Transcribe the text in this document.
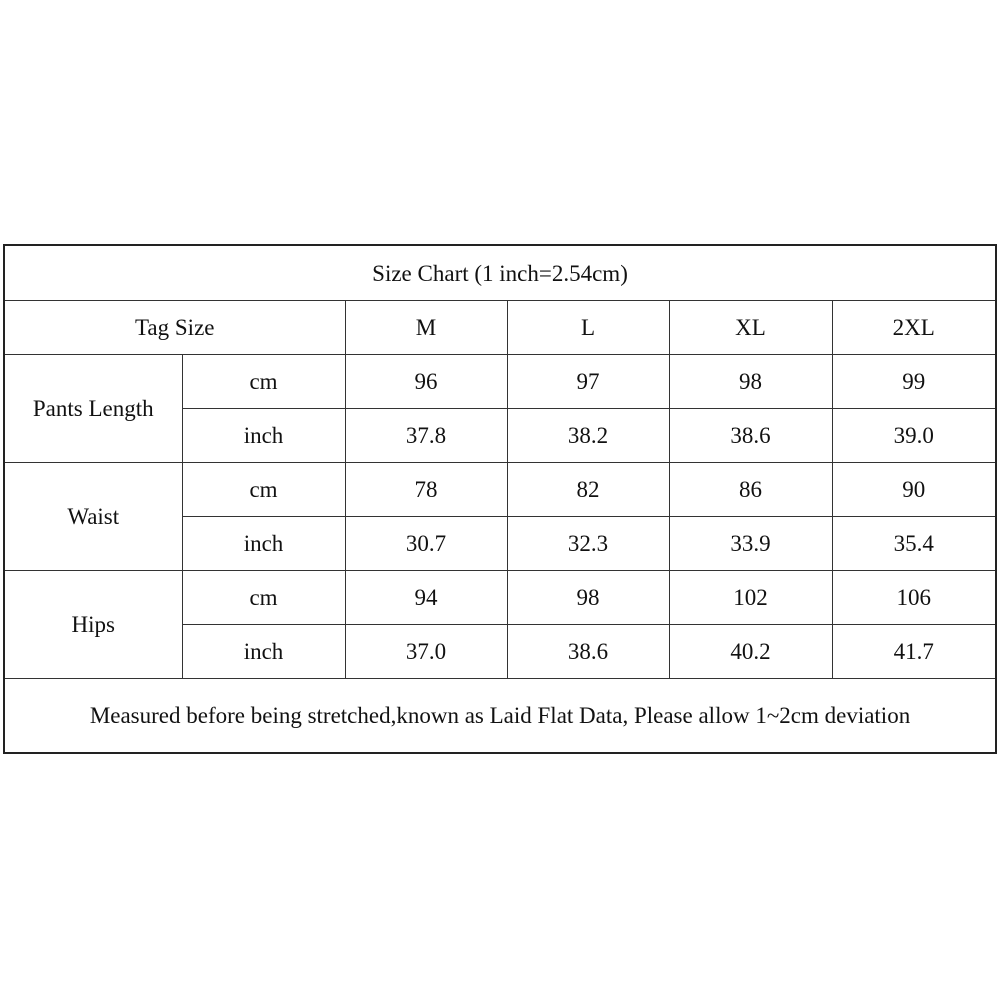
Size Chart (1 inch=2.54cm)					
Tag Size		M	L	XL	2XL
Pants Length	cm	96	97	98	99
	inch	37.8	38.2	38.6	39.0
Waist	cm	78	82	86	90
	inch	30.7	32.3	33.9	35.4
Hips	cm	94	98	102	106
	inch	37.0	38.6	40.2	41.7
Measured before being stretched,known as Laid Flat Data, Please allow 1~2cm deviation					
